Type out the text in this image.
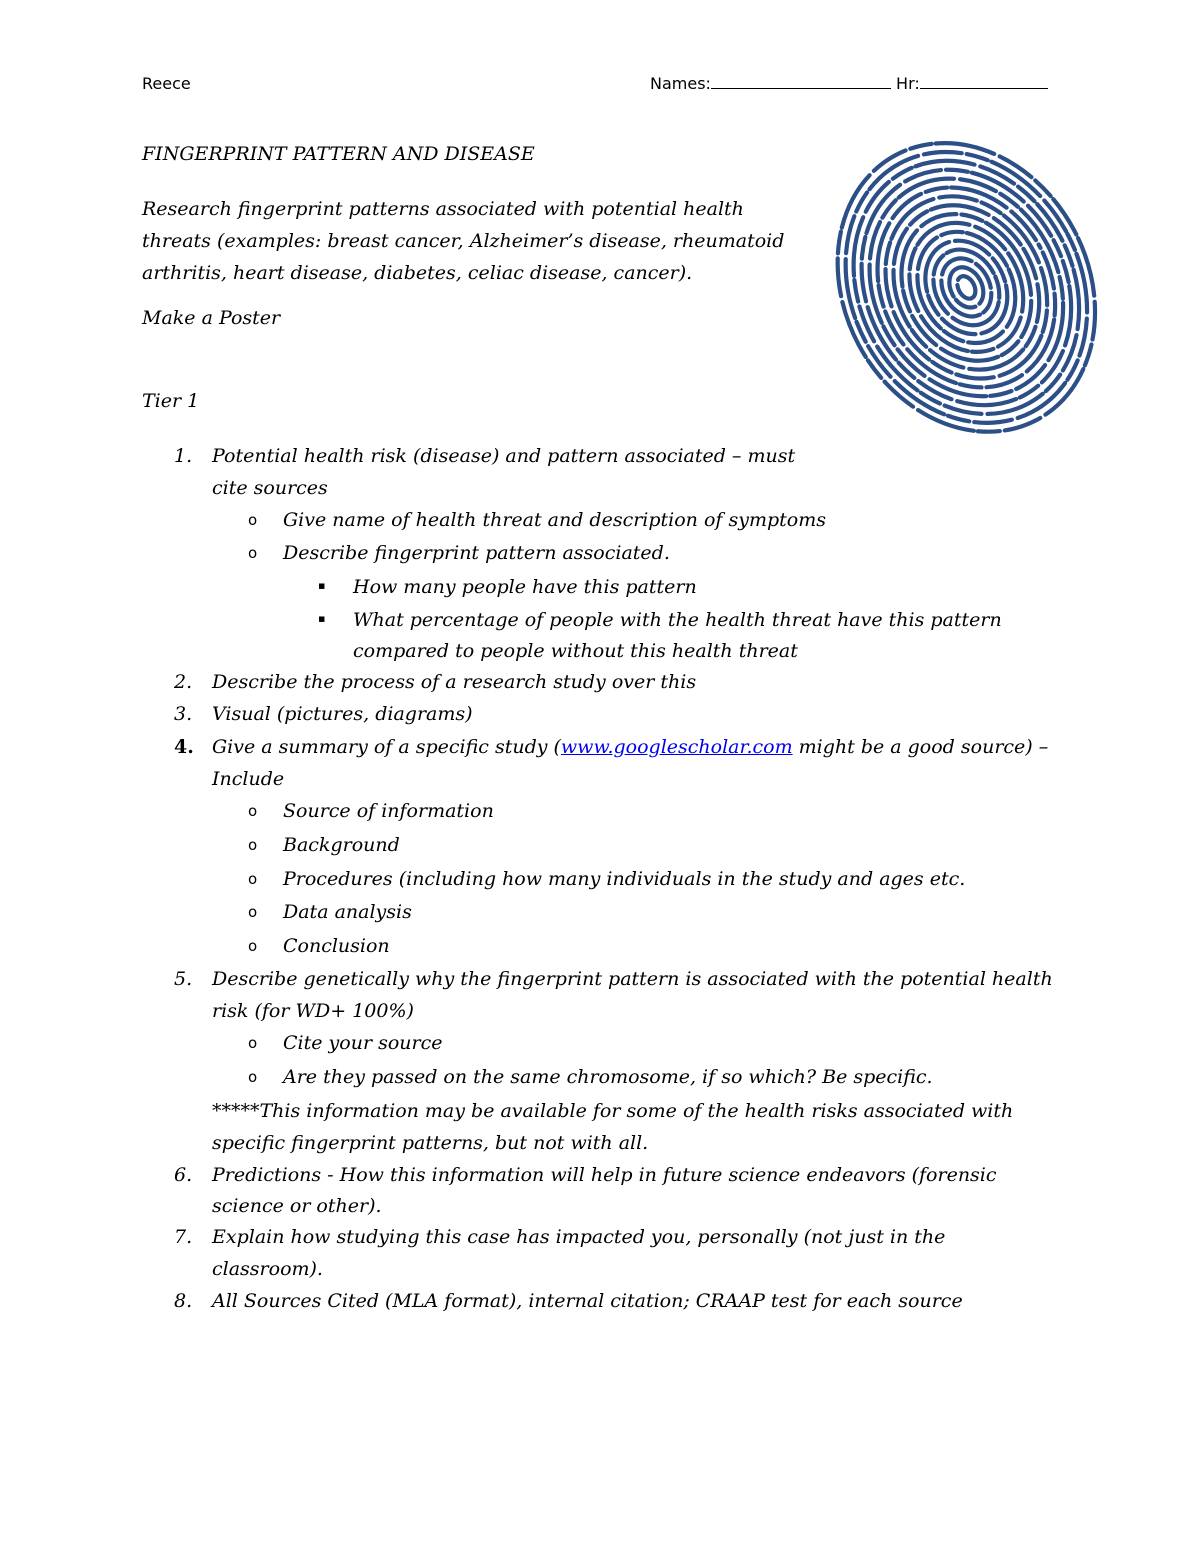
Reece	Names:	Hr:
FINGERPRINT PATTERN AND DISEASE
Research fingerprint patterns associated with potential health threats (examples: breast cancer, Alzheimer’s disease, rheumatoid arthritis, heart disease, diabetes, celiac disease, cancer).
Make a Poster
Tier 1
1.	Potential health risk (disease) and pattern associated – must
cite sources
o Give name of health threat and description of symptoms
o Describe fingerprint pattern associated.
▪ How many people have this pattern
▪ What percentage of people with the health threat have this pattern
compared to people without this health threat
2.	Describe the process of a research study over this
3.	Visual (pictures, diagrams)
4. Give a summary of a specific study (www.googlescholar.com might be a good source) –
Include
o Source of information
o Background
o Procedures (including how many individuals in the study and ages etc.
o Data analysis
o Conclusion
5.	Describe genetically why the fingerprint pattern is associated with the potential health
risk (for WD+ 100%)
o Cite your source
o Are they passed on the same chromosome, if so which? Be specific.
*****This information may be available for some of the health risks associated with
specific fingerprint patterns, but not with all.
6.	Predictions - How this information will help in future science endeavors (forensic
science or other).
7.	Explain how studying this case has impacted you, personally (not just in the
classroom).
8.	All Sources Cited (MLA format), internal citation; CRAAP test for each source
